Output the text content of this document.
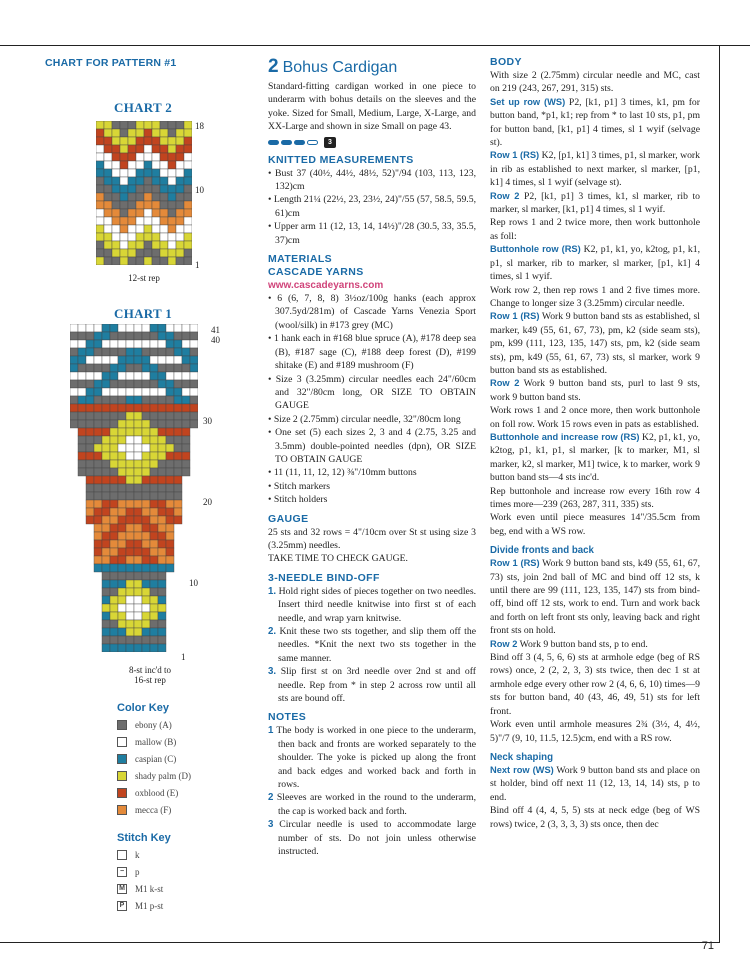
71
CHART FOR PATTERN #1
CHART 2
18
10
1
12-st rep
CHART 1
41
40
30
20
10
1
8-st inc'd to
16-st rep
Color Key
ebony (A)
mallow (B)
caspian (C)
shady palm (D)
oxblood (E)
mecca (F)
Stitch Key
k
−	p
M M1 k-st
P M1 p-st
2 Bohus Cardigan

Standard-fitting cardigan worked in one piece to underarm with bohus details on the sleeves and the yoke. Sized for Small, Medium, Large, X-Large, and XX-Large and shown in size Small on page 43.

3
KNITTED MEASUREMENTS
• Bust 37 (40½, 44½, 48½, 52)"/94 (103, 113, 123, 132)cm
• Length 21¼ (22½, 23, 23½, 24)"/55 (57, 58.5, 59.5, 61)cm
• Upper arm 11 (12, 13, 14, 14½)"/28 (30.5, 33, 35.5, 37)cm
MATERIALS
CASCADE YARNS
www.cascadeyarns.com
• 6 (6, 7, 8, 8) 3½oz/100g hanks (each approx 307.5yd/281m) of Cascade Yarns Venezia Sport (wool/silk) in #173 grey (MC)
• 1 hank each in #168 blue spruce (A), #178 deep sea (B), #187 sage (C), #188 deep forest (D), #199 shitake (E) and #189 mushroom (F)
• Size 3 (3.25mm) circular needles each 24"/60cm and 32"/80cm long, OR SIZE TO OBTAIN GAUGE
• Size 2 (2.75mm) circular needle, 32"/80cm long
• One set (5) each sizes 2, 3 and 4 (2.75, 3.25 and 3.5mm) double-pointed needles (dpn), OR SIZE TO OBTAIN GAUGE
• 11 (11, 11, 12, 12) ⅜"/10mm buttons
• Stitch markers
• Stitch holders
GAUGE

25 sts and 32 rows = 4"/10cm over St st using size 3 (3.25mm) needles.

TAKE TIME TO CHECK GAUGE.

3-NEEDLE BIND-OFF
1. Hold right sides of pieces together on two needles. Insert third needle knitwise into first st of each needle, and wrap yarn knitwise.
2. Knit these two sts together, and slip them off the needles. *Knit the next two sts together in the same manner.
3. Slip first st on 3rd needle over 2nd st and off needle. Rep from * in step 2 across row until all sts are bound off.
NOTES
1 The body is worked in one piece to the underarm, then back and fronts are worked separately to the shoulder. The yoke is picked up along the front and back edges and worked back and forth in rows.
2 Sleeves are worked in the round to the underarm, the cap is worked back and forth.
3 Circular needle is used to accommodate large number of sts. Do not join unless otherwise instructed.
BODY

With size 2 (2.75mm) circular needle and MC, cast on 219 (243, 267, 291, 315) sts.

Set up row (WS) P2, [k1, p1] 3 times, k1, pm for button band, *p1, k1; rep from * to last 10 sts, p1, pm for button band, [k1, p1] 4 times, sl 1 wyif (selvage st).

Row 1 (RS) K2, [p1, k1] 3 times, p1, sl marker, work in rib as established to next marker, sl marker, [p1, k1] 4 times, sl 1 wyif (selvage st).

Row 2 P2, [k1, p1] 3 times, k1, sl marker, rib to marker, sl marker, [k1, p1] 4 times, sl 1 wyif.

Rep rows 1 and 2 twice more, then work buttonhole as foll:

Buttonhole row (RS) K2, p1, k1, yo, k2tog, p1, k1, p1, sl marker, rib to marker, sl marker, [p1, k1] 4 times, sl 1 wyif.

Work row 2, then rep rows 1 and 2 five times more. Change to longer size 3 (3.25mm) circular needle.

Row 1 (RS) Work 9 button band sts as established, sl marker, k49 (55, 61, 67, 73), pm, k2 (side seam sts), pm, k99 (111, 123, 135, 147) sts, pm, k2 (side seam sts), pm, k49 (55, 61, 67, 73) sts, sl marker, work 9 button band sts as established.

Row 2 Work 9 button band sts, purl to last 9 sts, work 9 button band sts.

Work rows 1 and 2 once more, then work buttonhole on foll row. Work 15 rows even in pats as established.

Buttonhole and increase row (RS) K2, p1, k1, yo, k2tog, p1, k1, p1, sl marker, [k to marker, M1, sl marker, k2, sl marker, M1] twice, k to marker, work 9 button band sts—4 sts inc'd.

Rep buttonhole and increase row every 16th row 4 times more—239 (263, 287, 311, 335) sts.

Work even until piece measures 14"/35.5cm from beg, end with a WS row.

Divide fronts and back

Row 1 (RS) Work 9 button band sts, k49 (55, 61, 67, 73) sts, join 2nd ball of MC and bind off 12 sts, k until there are 99 (111, 123, 135, 147) sts from bind-off, bind off 12 sts, work to end. Turn and work back and forth on left front sts only, leaving back and right front sts on hold.

Row 2 Work 9 button band sts, p to end.

Bind off 3 (4, 5, 6, 6) sts at armhole edge (beg of RS rows) once, 2 (2, 2, 3, 3) sts twice, then dec 1 st at armhole edge every other row 2 (4, 6, 6, 10) times—9 sts for button band, 40 (43, 46, 49, 51) sts for left front.

Work even until armhole measures 2¾ (3½, 4, 4½, 5)"/7 (9, 10, 11.5, 12.5)cm, end with a RS row.

Neck shaping

Next row (WS) Work 9 button band sts and place on st holder, bind off next 11 (12, 13, 14, 14) sts, p to end.

Bind off 4 (4, 4, 5, 5) sts at neck edge (beg of WS rows) twice, 2 (3, 3, 3, 3) sts once, then dec
